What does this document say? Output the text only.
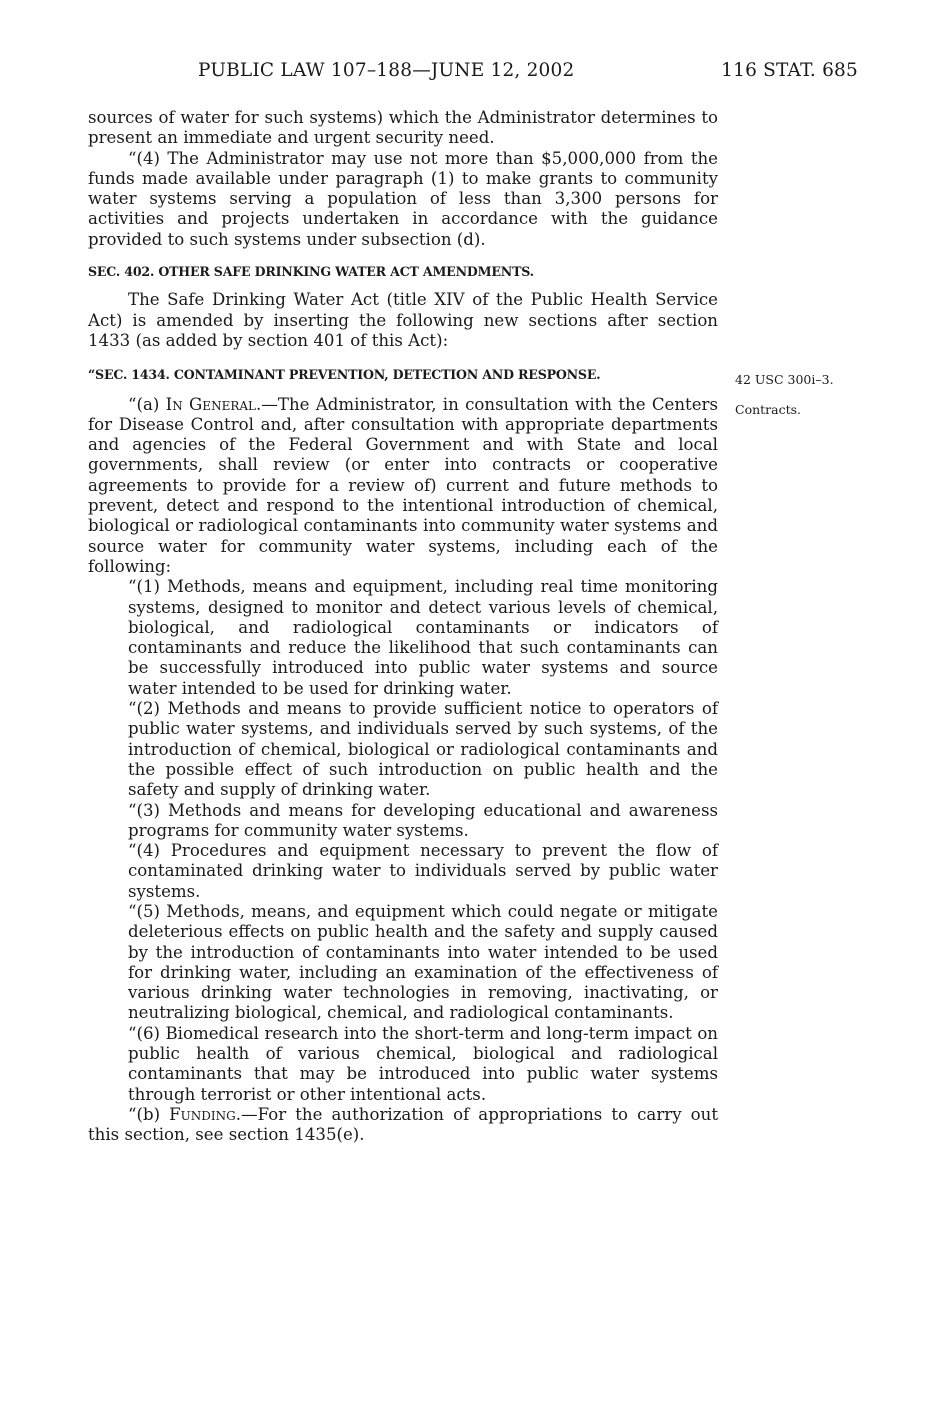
PUBLIC LAW 107–188—JUNE 12, 2002	116 STAT. 685

sources of water for such systems) which the Administrator determines to present an immediate and urgent security need.

“(4) The Administrator may use not more than $5,000,000 from the funds made available under paragraph (1) to make grants to community water systems serving a population of less than 3,300 persons for activities and projects undertaken in accordance with the guidance provided to such systems under subsection (d).

SEC. 402. OTHER SAFE DRINKING WATER ACT AMENDMENTS.

The Safe Drinking Water Act (title XIV of the Public Health Service Act) is amended by inserting the following new sections after section 1433 (as added by section 401 of this Act):

“SEC. 1434. CONTAMINANT PREVENTION, DETECTION AND RESPONSE.

“(a) In General.—The Administrator, in consultation with the Centers for Disease Control and, after consultation with appropriate departments and agencies of the Federal Government and with State and local governments, shall review (or enter into contracts or cooperative agreements to provide for a review of) current and future methods to prevent, detect and respond to the intentional introduction of chemical, biological or radiological contaminants into community water systems and source water for community water systems, including each of the following:

“(1) Methods, means and equipment, including real time monitoring systems, designed to monitor and detect various levels of chemical, biological, and radiological contaminants or indicators of contaminants and reduce the likelihood that such contaminants can be successfully introduced into public water systems and source water intended to be used for drinking water.

“(2) Methods and means to provide sufficient notice to operators of public water systems, and individuals served by such systems, of the introduction of chemical, biological or radiological contaminants and the possible effect of such introduction on public health and the safety and supply of drinking water.

“(3) Methods and means for developing educational and awareness programs for community water systems.

“(4) Procedures and equipment necessary to prevent the flow of contaminated drinking water to individuals served by public water systems.

“(5) Methods, means, and equipment which could negate or mitigate deleterious effects on public health and the safety and supply caused by the introduction of contaminants into water intended to be used for drinking water, including an examination of the effectiveness of various drinking water technologies in removing, inactivating, or neutralizing biological, chemical, and radiological contaminants.

“(6) Biomedical research into the short-term and long-term impact on public health of various chemical, biological and radiological contaminants that may be introduced into public water systems through terrorist or other intentional acts.

“(b) Funding.—For the authorization of appropriations to carry out this section, see section 1435(e).

42 USC 300i–3.
Contracts.
